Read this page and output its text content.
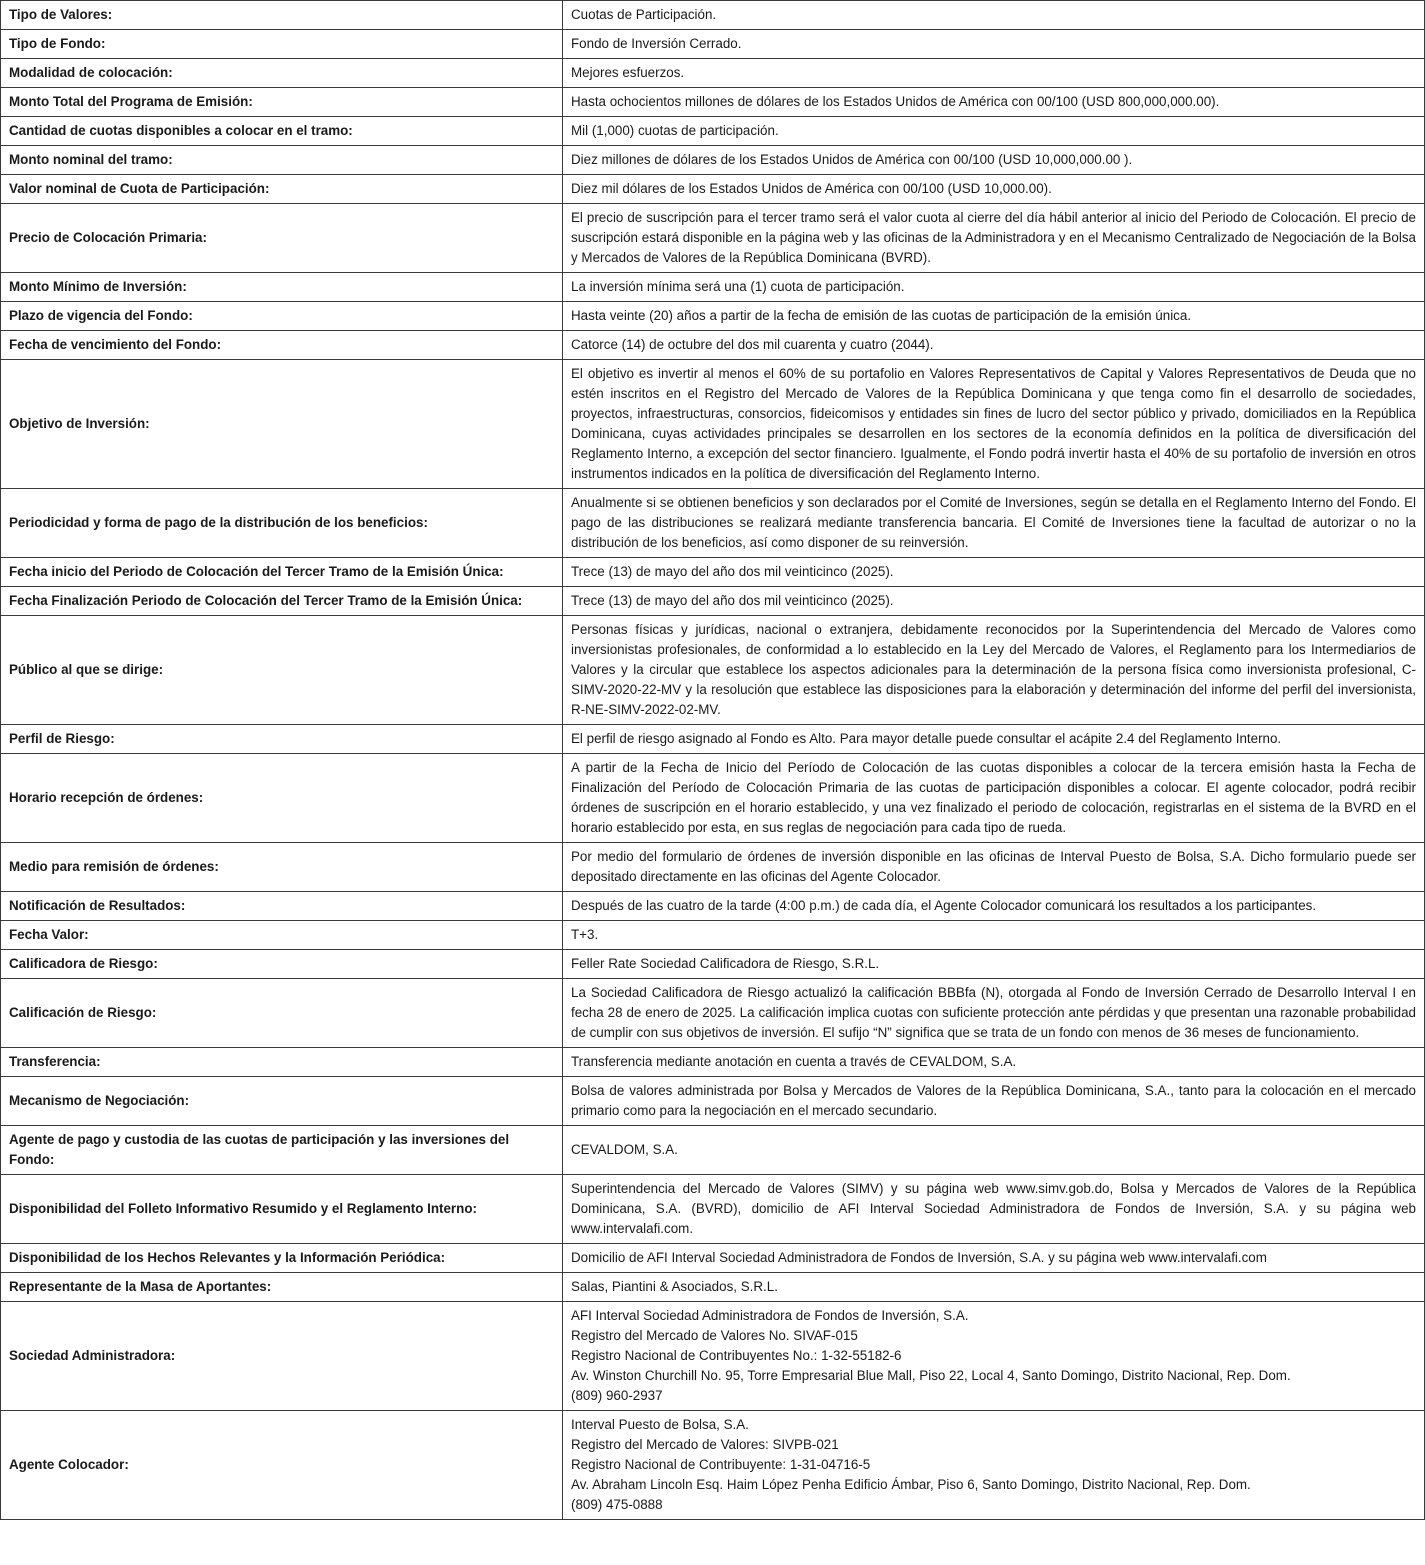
Tipo de Valores:	Cuotas de Participación.
Tipo de Fondo:	Fondo de Inversión Cerrado.
Modalidad de colocación:	Mejores esfuerzos.
Monto Total del Programa de Emisión:	Hasta ochocientos millones de dólares de los Estados Unidos de América con 00/100 (USD 800,000,000.00).
Cantidad de cuotas disponibles a colocar en el tramo:	Mil (1,000) cuotas de participación.
Monto nominal del tramo:	Diez millones de dólares de los Estados Unidos de América con 00/100 (USD 10,000,000.00 ).
Valor nominal de Cuota de Participación:	Diez mil dólares de los Estados Unidos de América con 00/100 (USD 10,000.00).
Precio de Colocación Primaria:	El precio de suscripción para el tercer tramo será el valor cuota al cierre del día hábil anterior al inicio del Periodo de Colocación. El precio de suscripción estará disponible en la página web y las oficinas de la Administradora y en el Mecanismo Centralizado de Negociación de la Bolsa y Mercados de Valores de la República Dominicana (BVRD).
Monto Mínimo de Inversión:	La inversión mínima será una (1) cuota de participación.
Plazo de vigencia del Fondo:	Hasta veinte (20) años a partir de la fecha de emisión de las cuotas de participación de la emisión única.
Fecha de vencimiento del Fondo:	Catorce (14) de octubre del dos mil cuarenta y cuatro (2044).
Objetivo de Inversión:	El objetivo es invertir al menos el 60% de su portafolio en Valores Representativos de Capital y Valores Representativos de Deuda que no estén inscritos en el Registro del Mercado de Valores de la República Dominicana y que tenga como fin el desarrollo de sociedades, proyectos, infraestructuras, consorcios, fideicomisos y entidades sin fines de lucro del sector público y privado, domiciliados en la República Dominicana, cuyas actividades principales se desarrollen en los sectores de la economía definidos en la política de diversificación del Reglamento Interno, a excepción del sector financiero. Igualmente, el Fondo podrá invertir hasta el 40% de su portafolio de inversión en otros instrumentos indicados en la política de diversificación del Reglamento Interno.
Periodicidad y forma de pago de la distribución de los beneficios:	Anualmente si se obtienen beneficios y son declarados por el Comité de Inversiones, según se detalla en el Reglamento Interno del Fondo. El pago de las distribuciones se realizará mediante transferencia bancaria. El Comité de Inversiones tiene la facultad de autorizar o no la distribución de los beneficios, así como disponer de su reinversión.
Fecha inicio del Periodo de Colocación del Tercer Tramo de la Emisión Única:	Trece (13) de mayo del año dos mil veinticinco (2025).
Fecha Finalización Periodo de Colocación del Tercer Tramo de la Emisión Única:	Trece (13) de mayo del año dos mil veinticinco (2025).
Público al que se dirige:	Personas físicas y jurídicas, nacional o extranjera, debidamente reconocidos por la Superintendencia del Mercado de Valores como inversionistas profesionales, de conformidad a lo establecido en la Ley del Mercado de Valores, el Reglamento para los Intermediarios de Valores y la circular que establece los aspectos adicionales para la determinación de la persona física como inversionista profesional, C-SIMV-2020-22-MV y la resolución que establece las disposiciones para la elaboración y determinación del informe del perfil del inversionista, R-NE-SIMV-2022-02-MV.
Perfil de Riesgo:	El perfil de riesgo asignado al Fondo es Alto. Para mayor detalle puede consultar el acápite 2.4 del Reglamento Interno.
Horario recepción de órdenes:	A partir de la Fecha de Inicio del Período de Colocación de las cuotas disponibles a colocar de la tercera emisión hasta la Fecha de Finalización del Período de Colocación Primaria de las cuotas de participación disponibles a colocar. El agente colocador, podrá recibir órdenes de suscripción en el horario establecido, y una vez finalizado el periodo de colocación, registrarlas en el sistema de la BVRD en el horario establecido por esta, en sus reglas de negociación para cada tipo de rueda.
Medio para remisión de órdenes:	Por medio del formulario de órdenes de inversión disponible en las oficinas de Interval Puesto de Bolsa, S.A. Dicho formulario puede ser depositado directamente en las oficinas del Agente Colocador.
Notificación de Resultados:	Después de las cuatro de la tarde (4:00 p.m.) de cada día, el Agente Colocador comunicará los resultados a los participantes.
Fecha Valor:	T+3.
Calificadora de Riesgo:	Feller Rate Sociedad Calificadora de Riesgo, S.R.L.
Calificación de Riesgo:	La Sociedad Calificadora de Riesgo actualizó la calificación BBBfa (N), otorgada al Fondo de Inversión Cerrado de Desarrollo Interval I en fecha 28 de enero de 2025. La calificación implica cuotas con suficiente protección ante pérdidas y que presentan una razonable probabilidad de cumplir con sus objetivos de inversión. El sufijo “N” significa que se trata de un fondo con menos de 36 meses de funcionamiento.
Transferencia:	Transferencia mediante anotación en cuenta a través de CEVALDOM, S.A.
Mecanismo de Negociación:	Bolsa de valores administrada por Bolsa y Mercados de Valores de la República Dominicana, S.A., tanto para la colocación en el mercado primario como para la negociación en el mercado secundario.
Agente de pago y custodia de las cuotas de participación y las inversiones del Fondo:	CEVALDOM, S.A.
Disponibilidad del Folleto Informativo Resumido y el Reglamento Interno:	Superintendencia del Mercado de Valores (SIMV) y su página web www.simv.gob.do, Bolsa y Mercados de Valores de la República Dominicana, S.A. (BVRD), domicilio de AFI Interval Sociedad Administradora de Fondos de Inversión, S.A. y su página web www.intervalafi.com.
Disponibilidad de los Hechos Relevantes y la Información Periódica:	Domicilio de AFI Interval Sociedad Administradora de Fondos de Inversión, S.A. y su página web www.intervalafi.com
Representante de la Masa de Aportantes:	Salas, Piantini & Asociados, S.R.L.
Sociedad Administradora:	AFI Interval Sociedad Administradora de Fondos de Inversión, S.A.
Registro del Mercado de Valores No. SIVAF-015
Registro Nacional de Contribuyentes No.: 1-32-55182-6
Av. Winston Churchill No. 95, Torre Empresarial Blue Mall, Piso 22, Local 4, Santo Domingo, Distrito Nacional, Rep. Dom.
(809) 960-2937

Agente Colocador:	Interval Puesto de Bolsa, S.A.
Registro del Mercado de Valores: SIVPB-021
Registro Nacional de Contribuyente: 1-31-04716-5
Av. Abraham Lincoln Esq. Haim López Penha Edificio Ámbar, Piso 6, Santo Domingo, Distrito Nacional, Rep. Dom.
(809) 475-0888
